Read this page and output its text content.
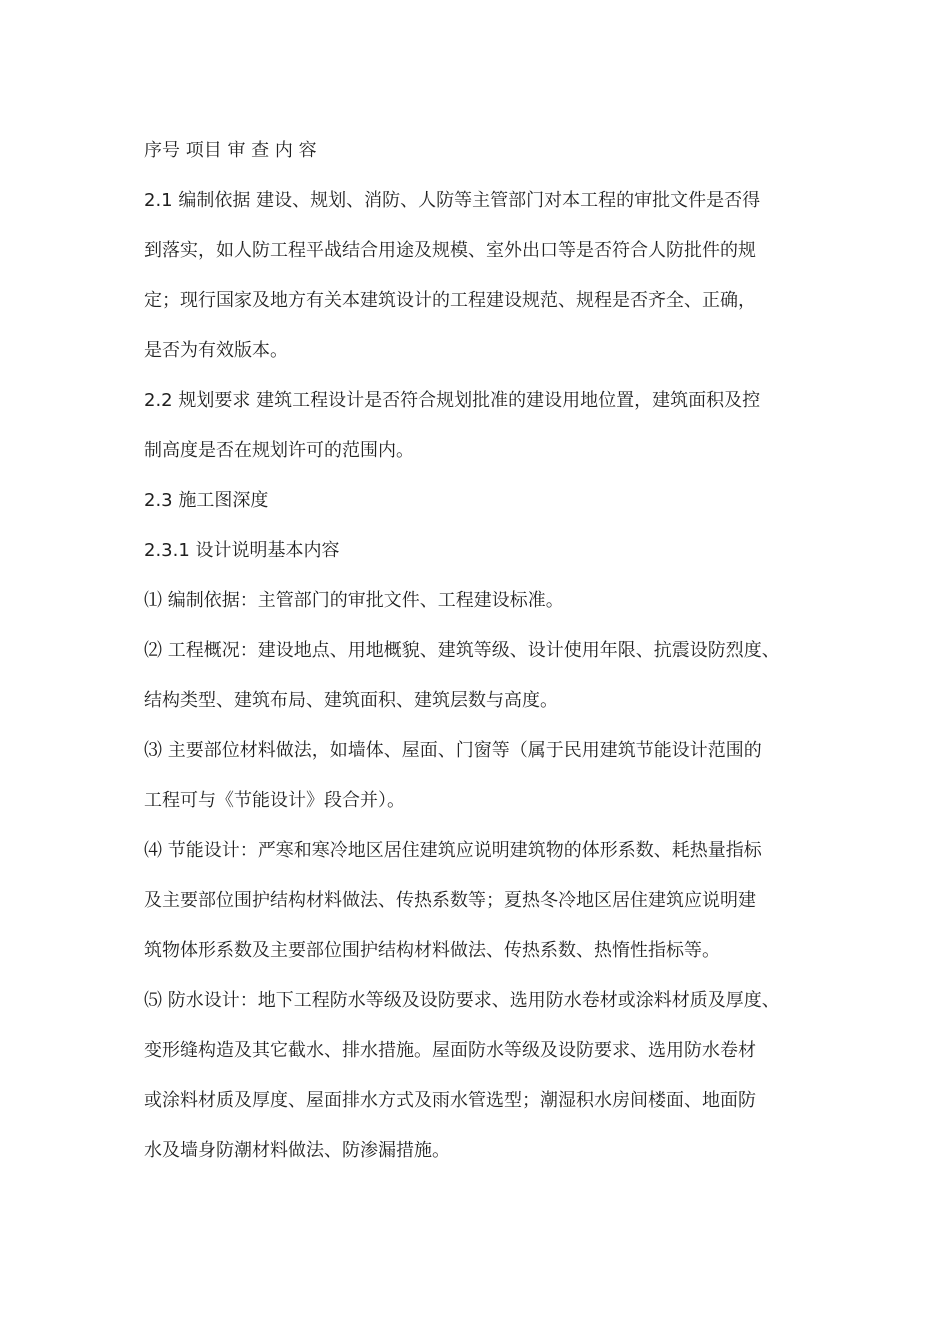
序号 项目 审 查 内 容
2.1 编制依据 建设、规划、消防、人防等主管部门对本工程的审批文件是否得
到落实，如人防工程平战结合用途及规模、室外出口等是否符合人防批件的规
定；现行国家及地方有关本建筑设计的工程建设规范、规程是否齐全、正确，
是否为有效版本。
2.2 规划要求 建筑工程设计是否符合规划批准的建设用地位置，建筑面积及控
制高度是否在规划许可的范围内。
2.3 施工图深度
2.3.1 设计说明基本内容
⑴ 编制依据：主管部门的审批文件、工程建设标准。
⑵ 工程概况：建设地点、用地概貌、建筑等级、设计使用年限、抗震设防烈度、
结构类型、建筑布局、建筑面积、建筑层数与高度。
⑶ 主要部位材料做法，如墙体、屋面、门窗等（属于民用建筑节能设计范围的
工程可与《节能设计》段合并）。
⑷ 节能设计：严寒和寒冷地区居住建筑应说明建筑物的体形系数、耗热量指标
及主要部位围护结构材料做法、传热系数等；夏热冬冷地区居住建筑应说明建
筑物体形系数及主要部位围护结构材料做法、传热系数、热惰性指标等。
⑸ 防水设计：地下工程防水等级及设防要求、选用防水卷材或涂料材质及厚度、
变形缝构造及其它截水、排水措施。屋面防水等级及设防要求、选用防水卷材
或涂料材质及厚度、屋面排水方式及雨水管选型；潮湿积水房间楼面、地面防
水及墙身防潮材料做法、防渗漏措施。
